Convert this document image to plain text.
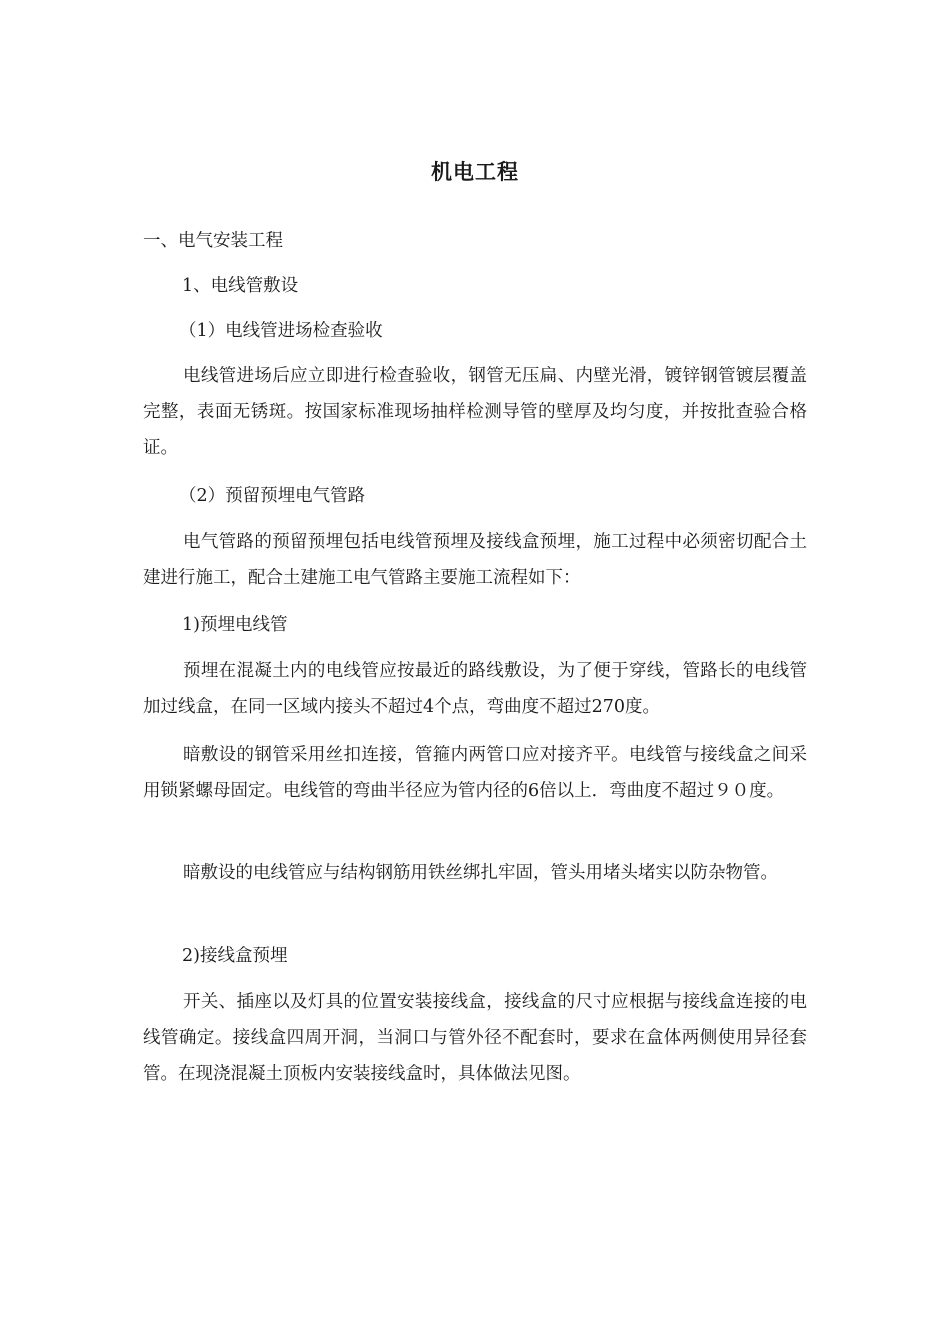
机电工程
一、电气安装工程
1、电线管敷设
（1）电线管进场检查验收

电线管进场后应立即进行检查验收，钢管无压扁、内壁光滑，镀锌钢管镀层覆盖完整，表面无锈斑。按国家标准现场抽样检测导管的壁厚及均匀度，并按批查验合格证。

（2）预留预埋电气管路

电气管路的预留预埋包括电线管预埋及接线盒预埋，施工过程中必须密切配合土建进行施工，配合土建施工电气管路主要施工流程如下：

1)预埋电线管

预埋在混凝土内的电线管应按最近的路线敷设，为了便于穿线，管路长的电线管加过线盒，在同一区域内接头不超过4个点，弯曲度不超过270度。

暗敷设的钢管采用丝扣连接，管箍内两管口应对接齐平。电线管与接线盒之间采用锁紧螺母固定。电线管的弯曲半径应为管内径的6倍以上．弯曲度不超过９０度。

暗敷设的电线管应与结构钢筋用铁丝绑扎牢固，管头用堵头堵实以防杂物管。

2)接线盒预埋

开关、插座以及灯具的位置安装接线盒，接线盒的尺寸应根据与接线盒连接的电线管确定。接线盒四周开洞，当洞口与管外径不配套时，要求在盒体两侧使用异径套管。在现浇混凝土顶板内安装接线盒时，具体做法见图。
